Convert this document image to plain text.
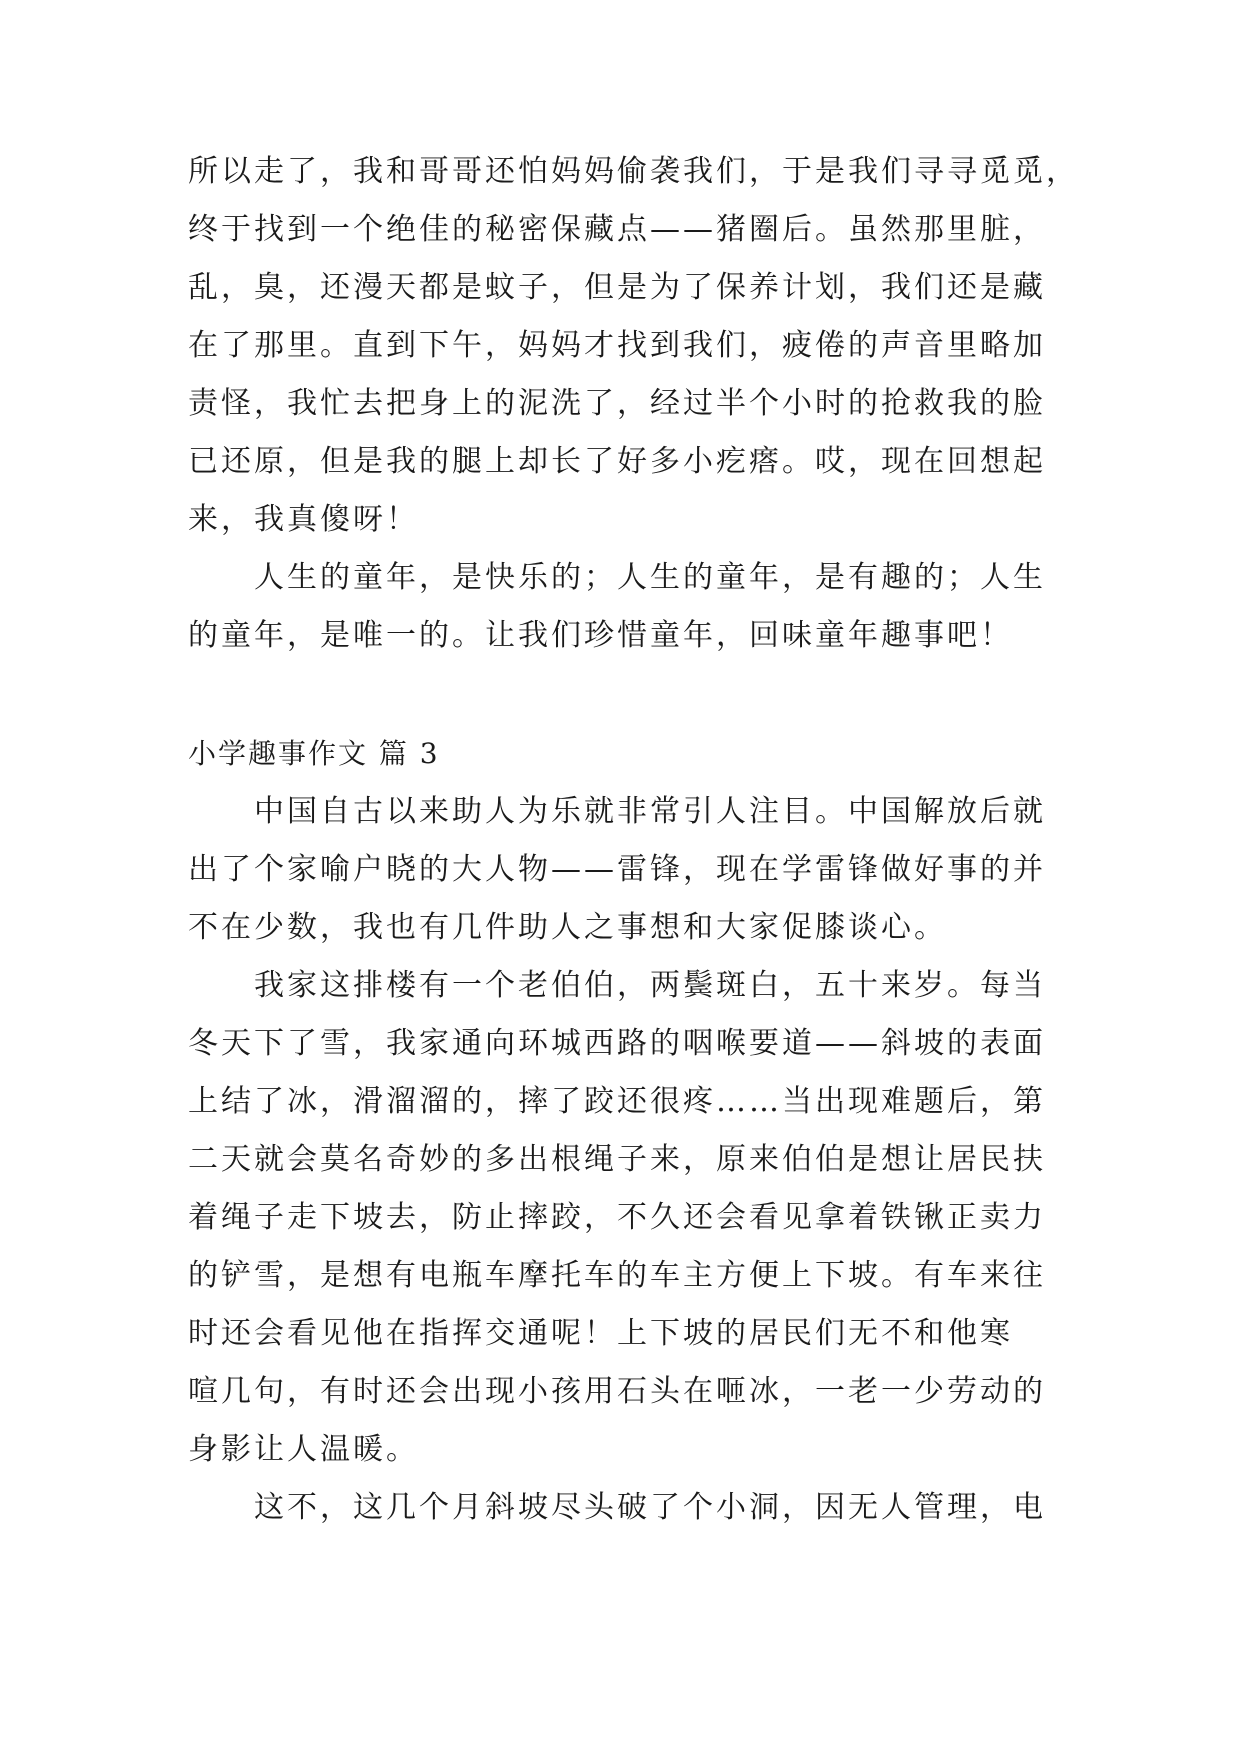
所以走了，我和哥哥还怕妈妈偷袭我们，于是我们寻寻觅觅，
终于找到一个绝佳的秘密保藏点——猪圈后。虽然那里脏，
乱，臭，还漫天都是蚊子，但是为了保养计划，我们还是藏
在了那里。直到下午，妈妈才找到我们，疲倦的声音里略加
责怪，我忙去把身上的泥洗了，经过半个小时的抢救我的脸
已还原，但是我的腿上却长了好多小疙瘩。哎，现在回想起
来，我真傻呀！
人生的童年，是快乐的；人生的童年，是有趣的；人生
的童年，是唯一的。让我们珍惜童年，回味童年趣事吧！
小学趣事作文 篇 3
中国自古以来助人为乐就非常引人注目。中国解放后就
出了个家喻户晓的大人物——雷锋，现在学雷锋做好事的并
不在少数，我也有几件助人之事想和大家促膝谈心。
我家这排楼有一个老伯伯，两鬓斑白，五十来岁。每当
冬天下了雪，我家通向环城西路的咽喉要道——斜坡的表面
上结了冰，滑溜溜的，摔了跤还很疼……当出现难题后，第
二天就会莫名奇妙的多出根绳子来，原来伯伯是想让居民扶
着绳子走下坡去，防止摔跤，不久还会看见拿着铁锹正卖力
的铲雪，是想有电瓶车摩托车的车主方便上下坡。有车来往
时还会看见他在指挥交通呢！上下坡的居民们无不和他寒
喧几句，有时还会出现小孩用石头在咂冰，一老一少劳动的
身影让人温暖。
这不，这几个月斜坡尽头破了个小洞，因无人管理，电
